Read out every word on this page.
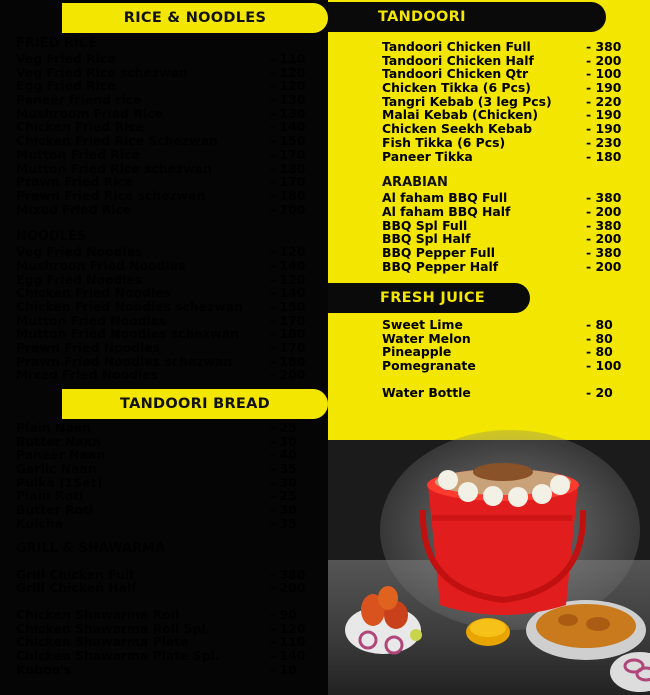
RICE & NOODLES	TANDOORI
TANDOORI BREAD
FRESH JUICE
FRIED RICE
Veg Fried Rice	- 110
Veg Fried Rice schezwan	- 120
Egg Fried Rice	- 120
Paneer friend rice	- 130
Mushroom Fried Rice	- 130
Chicken Fried Rice	- 140
Chicken Fried Rice Schezwan	- 150
Mutton Fried Rice	- 170
Mutton Fried Rice schezwan	- 180
Prawn Fried Rice	- 170
Prawn Fried Rice schezwan	- 180
Mixed Fried Rice	- 200
NOODLES
Veg Fried Noodles	- 120
Mushroon Fried Noodles	- 140
Egg Fried Noodles	- 120
Chicken Fried Noodles	- 140
Chicken Fried Noodles schezwan - 150
Mutton Fried Noodles	- 170
Mutton Fried Noodles schezwan	- 180
Prawn Fried Noodles	- 170
Prawn Fried Noodles schezwan	- 180
Mixed Fried Noodles	- 200
Plain Naan	- 25
Butter Naan	- 30
Paneer Naan	- 40
Garlic Naan	- 35
Pulka (1Set)	- 30
Plain Roti	- 25
Butter Roti	- 30
Kulcha	- 35
GRILL & SHAWARMA
Grill Chicken Full	- 380
Grill Chicken Half	- 200
Chicken Shawarma Roll	- 90
Chicken Shawarma Roll Spl.	- 120
Chicken Shawarma Plate	- 110
Chicken Shawarma Plate Spl.	- 140
Kuboo's	- 10
Tandoori Chicken Full	- 380
Tandoori Chicken Half	- 200
Tandoori Chicken Qtr	- 100
Chicken Tikka (6 Pcs)	- 190
Tangri Kebab (3 leg Pcs)	- 220
Malai Kebab (Chicken)	- 190
Chicken Seekh Kebab	- 190
Fish Tikka (6 Pcs)	- 230
Paneer Tikka	- 180
ARABIAN
Al faham BBQ Full	- 380
Al faham BBQ Half	- 200
BBQ Spl Full	- 380
BBQ Spl Half	- 200
BBQ Pepper Full	- 380
BBQ Pepper Half	- 200
Sweet Lime	- 80
Water Melon	- 80
Pineapple	- 80
Pomegranate	- 100
Water Bottle	- 20
